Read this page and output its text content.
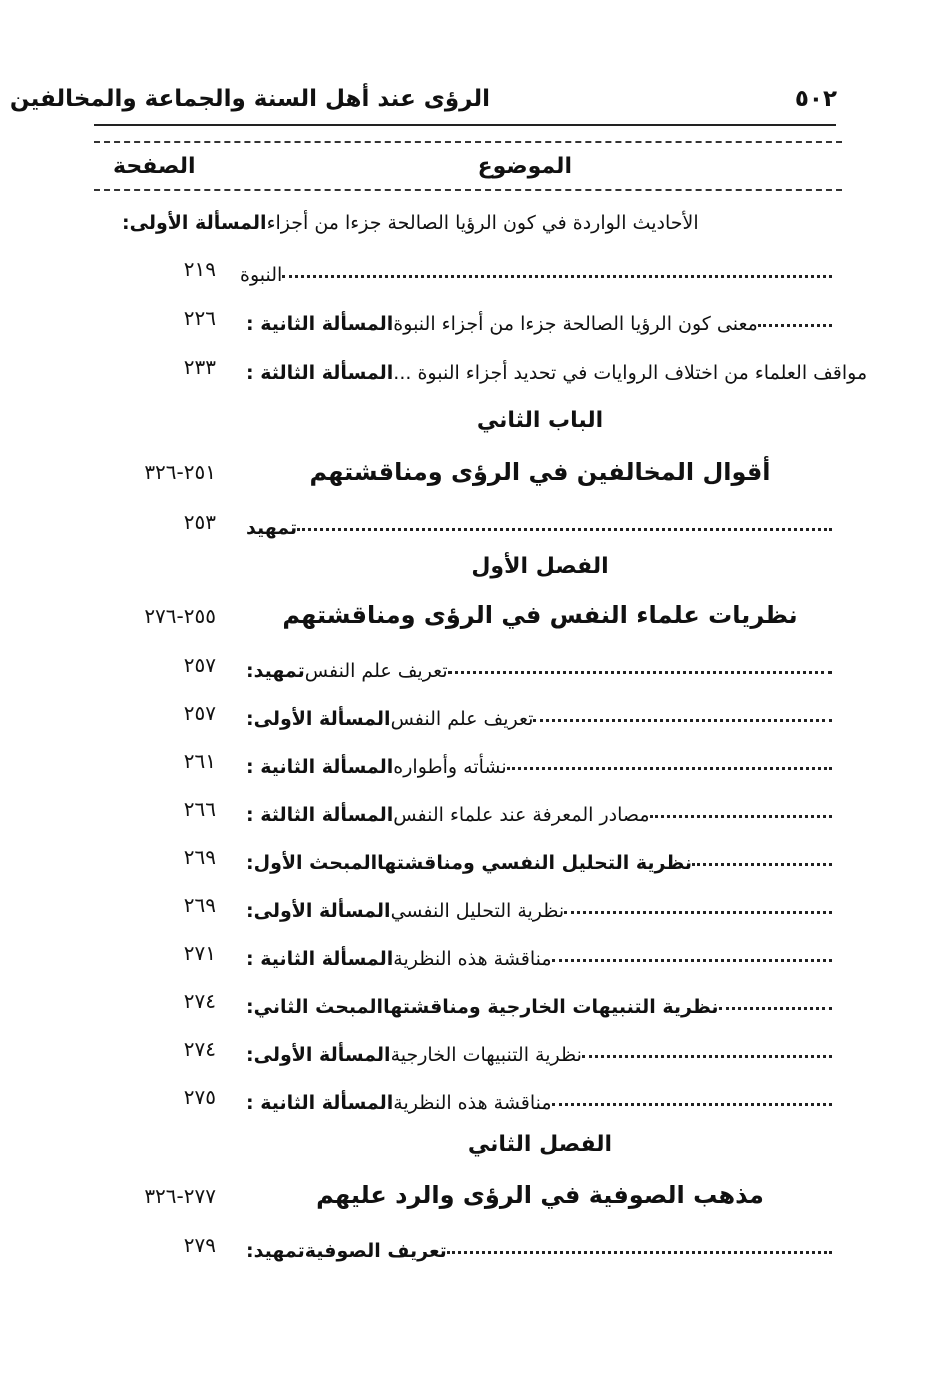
الرؤى عند أهل السنة والجماعة والمخالفين	٥٠٢
الموضوع
الصفحة
المسألة الأولى: الأحاديث الواردة في كون الرؤيا الصالحة جزءا من أجزاء
النبوة
٢١٩
المسألة الثانية : معنى كون الرؤيا الصالحة جزءا من أجزاء النبوة
٢٢٦
المسألة الثالثة : مواقف العلماء من اختلاف الروايات في تحديد أجزاء النبوة ...
٢٣٣
الباب الثاني
أقوال المخالفين في الرؤى ومناقشتهم
٢٥١-٣٢٦
تمهيد
٢٥٣
الفصل الأول
نظريات علماء النفس في الرؤى ومناقشتهم
٢٥٥-٢٧٦
تمهيد: تعريف علم النفس
٢٥٧
المسألة الأولى: تعريف علم النفس
٢٥٧
المسألة الثانية : نشأته وأطواره
٢٦١
المسألة الثالثة : مصادر المعرفة عند علماء النفس
٢٦٦
المبحث الأول: نظرية التحليل النفسي ومناقشتها
٢٦٩
المسألة الأولى: نظرية التحليل النفسي
٢٦٩
المسألة الثانية : مناقشة هذه النظرية
٢٧١
المبحث الثاني: نظرية التنبيهات الخارجية ومناقشتها
٢٧٤
المسألة الأولى: نظرية التنبيهات الخارجية
٢٧٤
المسألة الثانية : مناقشة هذه النظرية
٢٧٥
الفصل الثاني
مذهب الصوفية في الرؤى والرد عليهم
٢٧٧-٣٢٦
تمهيد: تعريف الصوفية
٢٧٩
